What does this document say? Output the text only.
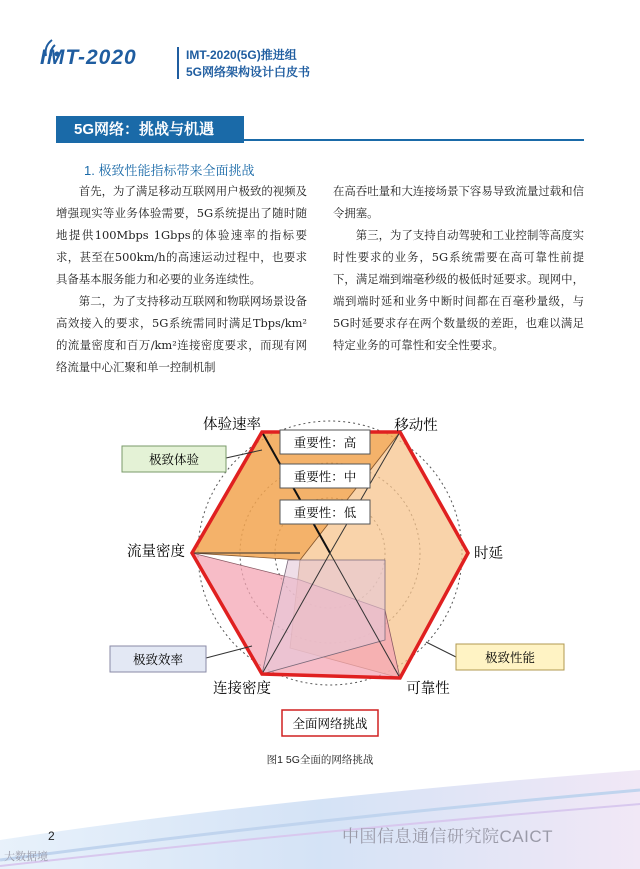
IMT-2020	IMT-2020(5G)推进组
5G网络架构设计白皮书
5G网络：挑战与机遇
1. 极致性能指标带来全面挑战

首先，为了满足移动互联网用户极致的视频及增强现实等业务体验需要，5G系统提出了随时随地提供100Mbps 1Gbps的体验速率的指标要求，甚至在500km/h的高速运动过程中，也要求具备基本服务能力和必要的业务连续性。

第二，为了支持移动互联网和物联网场景设备高效接入的要求，5G系统需同时满足Tbps/km²的流量密度和百万/km²连接密度要求，而现有网络流量中心汇聚和单一控制机制

在高吞吐量和大连接场景下容易导致流量过载和信令拥塞。

第三，为了支持自动驾驶和工业控制等高度实时性要求的业务，5G系统需要在高可靠性前提下，满足端到端毫秒级的极低时延要求。现网中，端到端时延和业务中断时间都在百毫秒量级，与5G时延要求存在两个数量级的差距，也难以满足特定业务的可靠性和安全性要求。

重要性：高
重要性：中
重要性：低
体验速率	移动性
时延
可靠性
连接密度
流量密度
极致体验
极致效率	极致性能
全面网络挑战
图1 5G全面的网络挑战
2	中国信息通信研究院CAICT
大数据境
